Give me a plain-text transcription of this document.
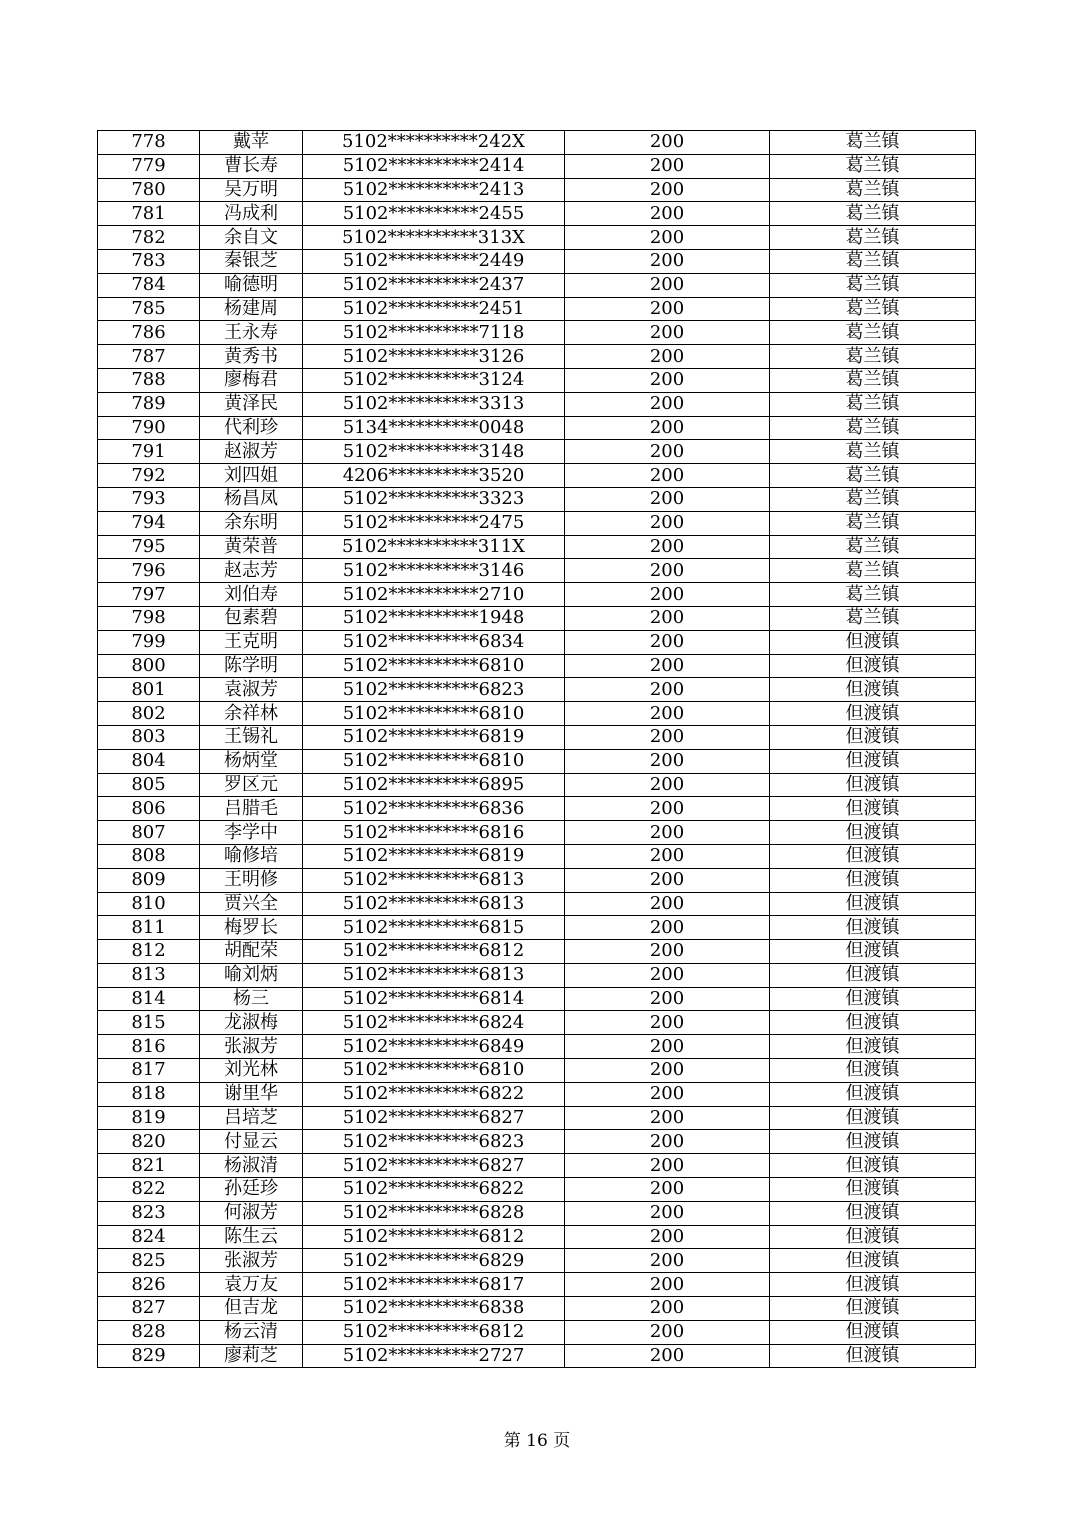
778	戴苹	5102**********242X	200	葛兰镇
779	曹长寿	5102**********2414	200	葛兰镇
780	吴万明	5102**********2413	200	葛兰镇
781	冯成利	5102**********2455	200	葛兰镇
782	余自文	5102**********313X	200	葛兰镇
783	秦银芝	5102**********2449	200	葛兰镇
784	喻德明	5102**********2437	200	葛兰镇
785	杨建周	5102**********2451	200	葛兰镇
786	王永寿	5102**********7118	200	葛兰镇
787	黄秀书	5102**********3126	200	葛兰镇
788	廖梅君	5102**********3124	200	葛兰镇
789	黄泽民	5102**********3313	200	葛兰镇
790	代利珍	5134**********0048	200	葛兰镇
791	赵淑芳	5102**********3148	200	葛兰镇
792	刘四姐	4206**********3520	200	葛兰镇
793	杨昌凤	5102**********3323	200	葛兰镇
794	余东明	5102**********2475	200	葛兰镇
795	黄荣普	5102**********311X	200	葛兰镇
796	赵志芳	5102**********3146	200	葛兰镇
797	刘伯寿	5102**********2710	200	葛兰镇
798	包素碧	5102**********1948	200	葛兰镇
799	王克明	5102**********6834	200	但渡镇
800	陈学明	5102**********6810	200	但渡镇
801	袁淑芳	5102**********6823	200	但渡镇
802	余祥林	5102**********6810	200	但渡镇
803	王锡礼	5102**********6819	200	但渡镇
804	杨炳堂	5102**********6810	200	但渡镇
805	罗区元	5102**********6895	200	但渡镇
806	吕腊毛	5102**********6836	200	但渡镇
807	李学中	5102**********6816	200	但渡镇
808	喻修培	5102**********6819	200	但渡镇
809	王明修	5102**********6813	200	但渡镇
810	贾兴全	5102**********6813	200	但渡镇
811	梅罗长	5102**********6815	200	但渡镇
812	胡配荣	5102**********6812	200	但渡镇
813	喻刘炳	5102**********6813	200	但渡镇
814	杨三	5102**********6814	200	但渡镇
815	龙淑梅	5102**********6824	200	但渡镇
816	张淑芳	5102**********6849	200	但渡镇
817	刘光林	5102**********6810	200	但渡镇
818	谢里华	5102**********6822	200	但渡镇
819	吕培芝	5102**********6827	200	但渡镇
820	付显云	5102**********6823	200	但渡镇
821	杨淑清	5102**********6827	200	但渡镇
822	孙廷珍	5102**********6822	200	但渡镇
823	何淑芳	5102**********6828	200	但渡镇
824	陈生云	5102**********6812	200	但渡镇
825	张淑芳	5102**********6829	200	但渡镇
826	袁万友	5102**********6817	200	但渡镇
827	但吉龙	5102**********6838	200	但渡镇
828	杨云清	5102**********6812	200	但渡镇
829	廖莉芝	5102**********2727	200	但渡镇
第 16 页
